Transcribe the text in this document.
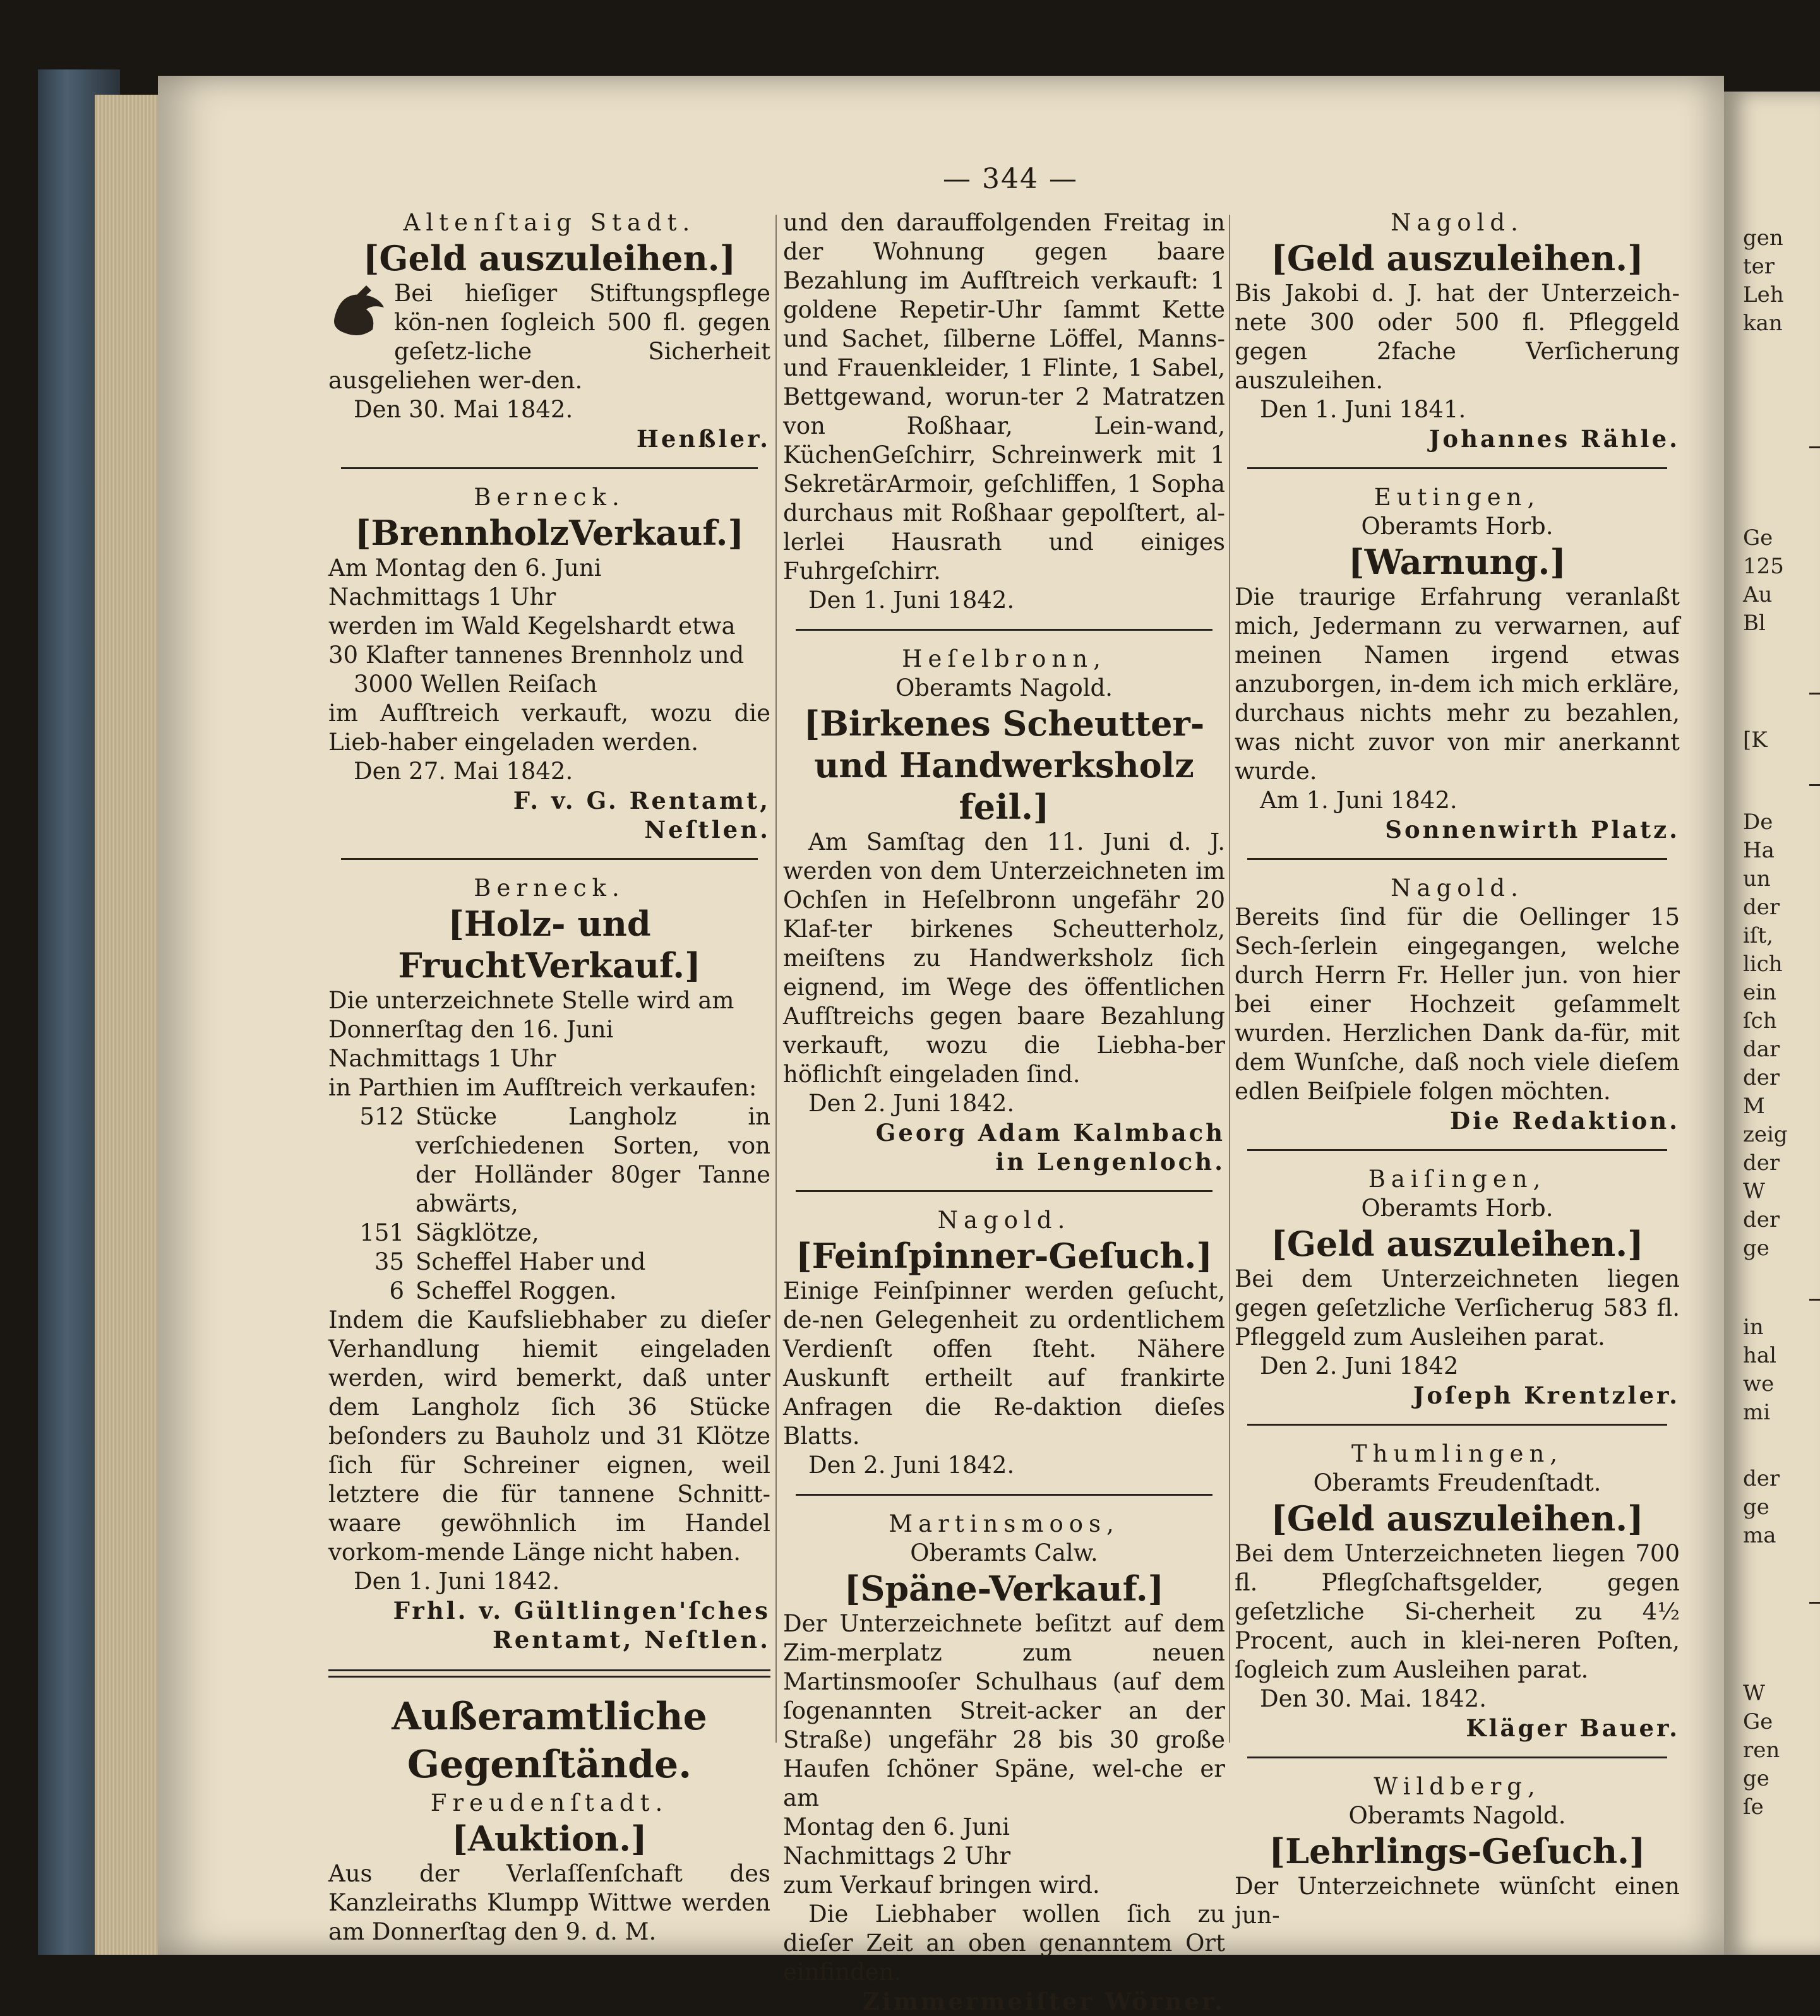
gen
ter
Leh
kan
Ge
125
Au
Bl
[K
De
Ha
un
der
iſt,
lich
ein
ſch
dar
der
M
zeig
der
W
der
ge
in
hal
we
mi
der
ge
ma
W
Ge
ren
ge
ſe
— 344 —
Altenſtaig Stadt.
[Geld auszuleihen.]

Bei hieſiger Stiftungspflege kön-nen ſogleich 500 fl. gegen geſetz-liche Sicherheit ausgeliehen wer-den.

Den 30. Mai 1842.

Henßler.
Berneck.
[BrennholzVerkauf.]

Am Montag den 6. Juni

Nachmittags 1 Uhr

werden im Wald Kegelshardt etwa

30 Klafter tannenes Brennholz und

3000 Wellen Reiſach

im Aufſtreich verkauft, wozu die Lieb-haber eingeladen werden.

Den 27. Mai 1842.

F. v. G. Rentamt,
Neſtlen.
Berneck.
[Holz- und FruchtVerkauf.]

Die unterzeichnete Stelle wird am

Donnerſtag den 16. Juni

Nachmittags 1 Uhr

in Parthien im Aufſtreich verkaufen:

512 Stücke Langholz in verſchiedenen Sorten, von der Holländer 80ger Tanne abwärts,
151 Sägklötze,
35 Scheffel Haber und
6 Scheffel Roggen.

Indem die Kaufsliebhaber zu dieſer Verhandlung hiemit eingeladen werden, wird bemerkt, daß unter dem Langholz ſich 36 Stücke beſonders zu Bauholz und 31 Klötze ſich für Schreiner eignen, weil letztere die für tannene Schnitt-waare gewöhnlich im Handel vorkom-mende Länge nicht haben.

Den 1. Juni 1842.

Frhl. v. Gültlingen'ſches
Rentamt, Neſtlen.
Außeramtliche Gegenſtände.
Freudenſtadt.
[Auktion.]

Aus der Verlaſſenſchaft des Kanzleiraths Klumpp Wittwe werden am Donnerſtag den 9. d. M.

und den darauffolgenden Freitag in der Wohnung gegen baare Bezahlung im Aufſtreich verkauft: 1 goldene Repetir-Uhr ſammt Kette und Sachet, ſilberne Löffel, Manns- und Frauenkleider, 1 Flinte, 1 Sabel, Bettgewand, worun-ter 2 Matratzen von Roßhaar, Lein-wand, KüchenGeſchirr, Schreinwerk mit 1 SekretärArmoir, geſchliffen, 1 Sopha durchaus mit Roßhaar gepolſtert, al-lerlei Hausrath und einiges Fuhrgeſchirr.

Den 1. Juni 1842.

Heſelbronn,
Oberamts Nagold.
[Birkenes Scheutter- und Handwerksholz feil.]

Am Samſtag den 11. Juni d. J. werden von dem Unterzeichneten im Ochſen in Heſelbronn ungefähr 20 Klaf-ter birkenes Scheutterholz, meiſtens zu Handwerksholz ſich eignend, im Wege des öffentlichen Aufſtreichs gegen baare Bezahlung verkauft, wozu die Liebha-ber höflichſt eingeladen ſind.

Den 2. Juni 1842.

Georg Adam Kalmbach
in Lengenloch.
Nagold.
[Feinſpinner-Geſuch.]

Einige Feinſpinner werden geſucht, de-nen Gelegenheit zu ordentlichem Verdienſt offen ſteht. Nähere Auskunft ertheilt auf frankirte Anfragen die Re-daktion dieſes Blatts.

Den 2. Juni 1842.

Martinsmoos,
Oberamts Calw.
[Späne-Verkauf.]

Der Unterzeichnete beſitzt auf dem Zim-merplatz zum neuen Martinsmooſer Schulhaus (auf dem ſogenannten Streit-acker an der Straße) ungefähr 28 bis 30 große Haufen ſchöner Späne, wel-che er am

Montag den 6. Juni

Nachmittags 2 Uhr

zum Verkauf bringen wird.

Die Liebhaber wollen ſich zu dieſer Zeit an oben genanntem Ort einfinden.

Zimmermeiſter Wörner.
Nagold.
[Geld auszuleihen.]

Bis Jakobi d. J. hat der Unterzeich-nete 300 oder 500 fl. Pfleggeld gegen 2fache Verſicherung auszuleihen.

Den 1. Juni 1841.

Johannes Rähle.
Eutingen,
Oberamts Horb.
[Warnung.]

Die traurige Erfahrung veranlaßt mich, Jedermann zu verwarnen, auf meinen Namen irgend etwas anzuborgen, in-dem ich mich erkläre, durchaus nichts mehr zu bezahlen, was nicht zuvor von mir anerkannt wurde.

Am 1. Juni 1842.

Sonnenwirth Platz.
Nagold.

Bereits ſind für die Oellinger 15 Sech-ſerlein eingegangen, welche durch Herrn Fr. Heller jun. von hier bei einer Hochzeit geſammelt wurden. Herzlichen Dank da-für, mit dem Wunſche, daß noch viele dieſem edlen Beiſpiele folgen möchten.

Die Redaktion.
Baiſingen,
Oberamts Horb.
[Geld auszuleihen.]

Bei dem Unterzeichneten liegen gegen geſetzliche Verſicherug 583 fl. Pfleggeld zum Ausleihen parat.

Den 2. Juni 1842

Joſeph Krentzler.
Thumlingen,
Oberamts Freudenſtadt.
[Geld auszuleihen.]

Bei dem Unterzeichneten liegen 700 fl. Pflegſchaftsgelder, gegen geſetzliche Si-cherheit zu 4½ Procent, auch in klei-neren Poſten, ſogleich zum Ausleihen parat.

Den 30. Mai. 1842.

Kläger Bauer.
Wildberg,
Oberamts Nagold.
[Lehrlings-Geſuch.]

Der Unterzeichnete wünſcht einen jun-
